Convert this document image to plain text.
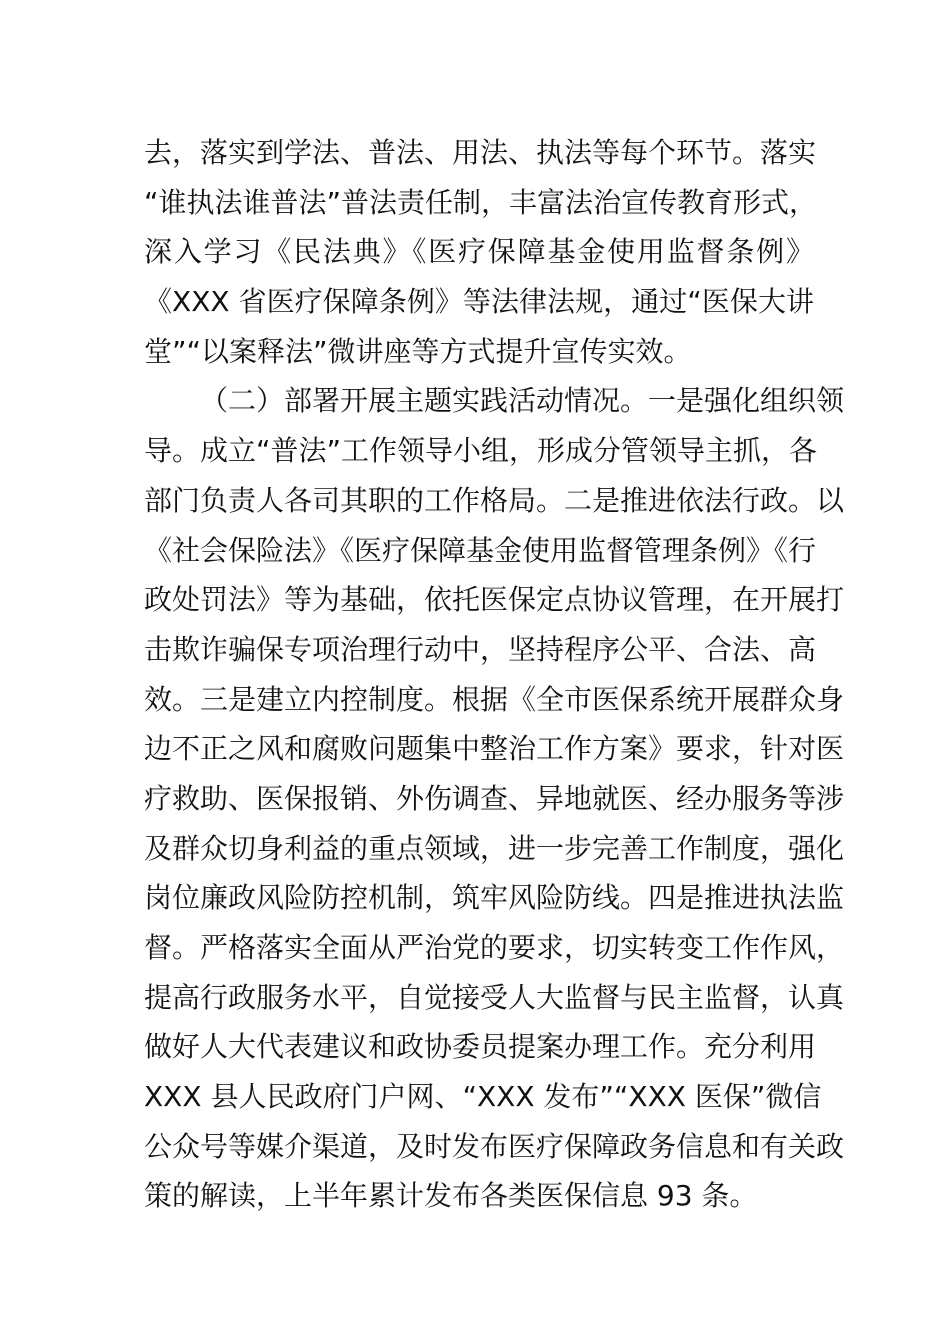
去，落实到学法、普法、用法、执法等每个环节。落实
“谁执法谁普法”普法责任制，丰富法治宣传教育形式，
深入学习《民法典》《医疗保障基金使用监督条例》
《XXX 省医疗保障条例》等法律法规，通过“医保大讲
堂”“以案释法”微讲座等方式提升宣传实效。
（二）部署开展主题实践活动情况。一是强化组织领
导。成立“普法”工作领导小组，形成分管领导主抓，各
部门负责人各司其职的工作格局。二是推进依法行政。以
《社会保险法》《医疗保障基金使用监督管理条例》《行
政处罚法》等为基础，依托医保定点协议管理，在开展打
击欺诈骗保专项治理行动中，坚持程序公平、合法、高
效。三是建立内控制度。根据《全市医保系统开展群众身
边不正之风和腐败问题集中整治工作方案》要求，针对医
疗救助、医保报销、外伤调查、异地就医、经办服务等涉
及群众切身利益的重点领域，进一步完善工作制度，强化
岗位廉政风险防控机制，筑牢风险防线。四是推进执法监
督。严格落实全面从严治党的要求，切实转变工作作风，
提高行政服务水平，自觉接受人大监督与民主监督，认真
做好人大代表建议和政协委员提案办理工作。充分利用
XXX 县人民政府门户网、“XXX 发布”“XXX 医保”微信
公众号等媒介渠道，及时发布医疗保障政务信息和有关政
策的解读，上半年累计发布各类医保信息 93 条。
